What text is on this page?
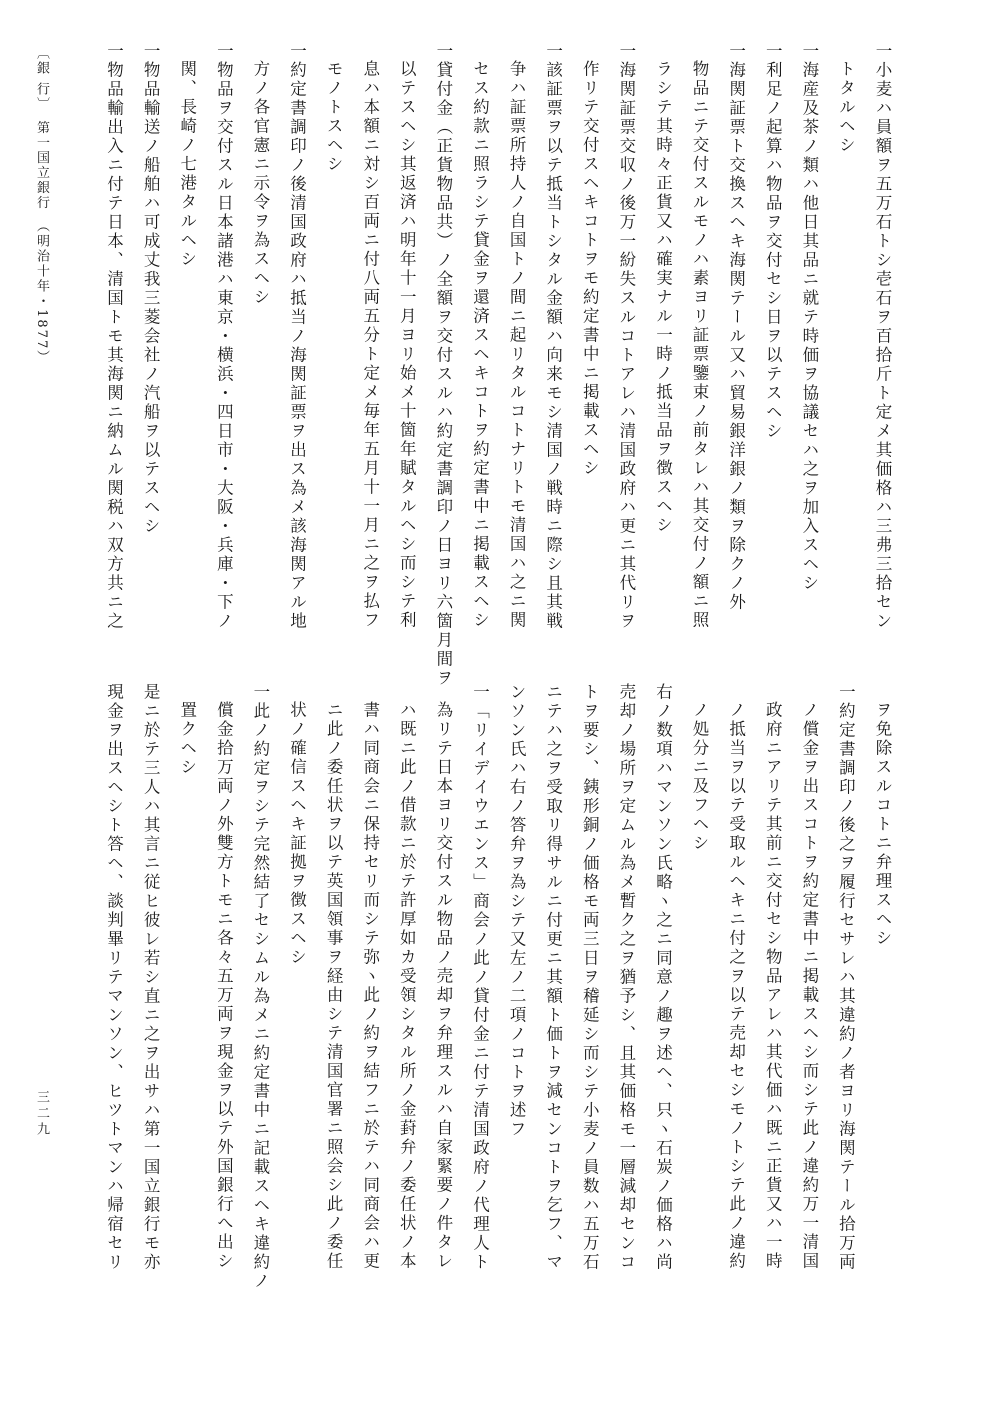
一小麦ハ員額ヲ五万石トシ壱石ヲ百拾斤ト定メ其価格ハ三弗三拾セン
トタルヘシ
一海産及茶ノ類ハ他日其品ニ就テ時価ヲ協議セハ之ヲ加入スヘシ
一利足ノ起算ハ物品ヲ交付セシ日ヲ以テスヘシ
一海関証票ト交換スヘキ海関テール又ハ貿易銀洋銀ノ類ヲ除クノ外
物品ニテ交付スルモノハ素ヨリ証票鑒束ノ前タレハ其交付ノ額ニ照
ラシテ其時々正貨又ハ確実ナル一時ノ抵当品ヲ徴スヘシ
一海関証票交収ノ後万一紛失スルコトアレハ清国政府ハ更ニ其代リヲ
作リテ交付スヘキコトヲモ約定書中ニ掲載スヘシ
一該証票ヲ以テ抵当トシタル金額ハ向来モシ清国ノ戦時ニ際シ且其戦
争ハ証票所持人ノ自国トノ間ニ起リタルコトナリトモ清国ハ之ニ関
セス約款ニ照ラシテ貸金ヲ還済スヘキコトヲ約定書中ニ掲載スヘシ
一貸付金（正貨物品共）ノ全額ヲ交付スルハ約定書調印ノ日ヨリ六箇月間ヲ
以テスヘシ其返済ハ明年十一月ヨリ始メ十箇年賦タルヘシ而シテ利
息ハ本額ニ対シ百両ニ付八両五分ト定メ毎年五月十一月ニ之ヲ払フ
モノトスヘシ
一約定書調印ノ後清国政府ハ抵当ノ海関証票ヲ出ス為メ該海関アル地
方ノ各官憲ニ示令ヲ為スヘシ
一物品ヲ交付スル日本諸港ハ東京・横浜・四日市・大阪・兵庫・下ノ
関、長崎ノ七港タルヘシ
一物品輸送ノ船舶ハ可成丈我三菱会社ノ汽船ヲ以テスヘシ
一物品輸出入ニ付テ日本、清国トモ其海関ニ納ムル関税ハ双方共ニ之
ヲ免除スルコトニ弁理スヘシ
一約定書調印ノ後之ヲ履行セサレハ其違約ノ者ヨリ海関テール拾万両
ノ償金ヲ出スコトヲ約定書中ニ掲載スヘシ而シテ此ノ違約万一清国
政府ニアリテ其前ニ交付セシ物品アレハ其代価ハ既ニ正貨又ハ一時
ノ抵当ヲ以テ受取ルヘキニ付之ヲ以テ売却セシモノトシテ此ノ違約
ノ処分ニ及フヘシ
右ノ数項ハマンソン氏略ヽ之ニ同意ノ趣ヲ述ヘ、只ヽ石炭ノ価格ハ尚
売却ノ場所ヲ定ムル為メ暫ク之ヲ猶予シ、且其価格モ一層減却センコ
トヲ要シ、銕形銅ノ価格モ両三日ヲ稽延シ而シテ小麦ノ員数ハ五万石
ニテハ之ヲ受取リ得サルニ付更ニ其額ト価トヲ減センコトヲ乞フ、マ
ンソン氏ハ右ノ答弁ヲ為シテ又左ノ二項ノコトヲ述フ
一「リイデイウエンス」商会ノ此ノ貸付金ニ付テ清国政府ノ代理人ト
為リテ日本ヨリ交付スル物品ノ売却ヲ弁理スルハ自家緊要ノ件タレ
ハ既ニ此ノ借款ニ於テ許厚如カ受領シタル所ノ金葑弁ノ委任状ノ本
書ハ同商会ニ保持セリ而シテ弥ヽ此ノ約ヲ結フニ於テハ同商会ハ更
ニ此ノ委任状ヲ以テ英国領事ヲ経由シテ清国官署ニ照会シ此ノ委任
状ノ確信スヘキ証拠ヲ徴スヘシ
一此ノ約定ヲシテ完然結了セシムル為メニ約定書中ニ記載スヘキ違約ノ
償金拾万両ノ外雙方トモニ各々五万両ヲ現金ヲ以テ外国銀行へ出シ
置クヘシ
是ニ於テ三人ハ其言ニ従ヒ彼レ若シ直ニ之ヲ出サハ第一国立銀行モ亦
現金ヲ出スヘシト答ヘ、談判畢リテマンソン、ヒツトマンハ帰宿セリ
〔銀 行〕　第一国立銀行　（明治十年・1877）
三二九
